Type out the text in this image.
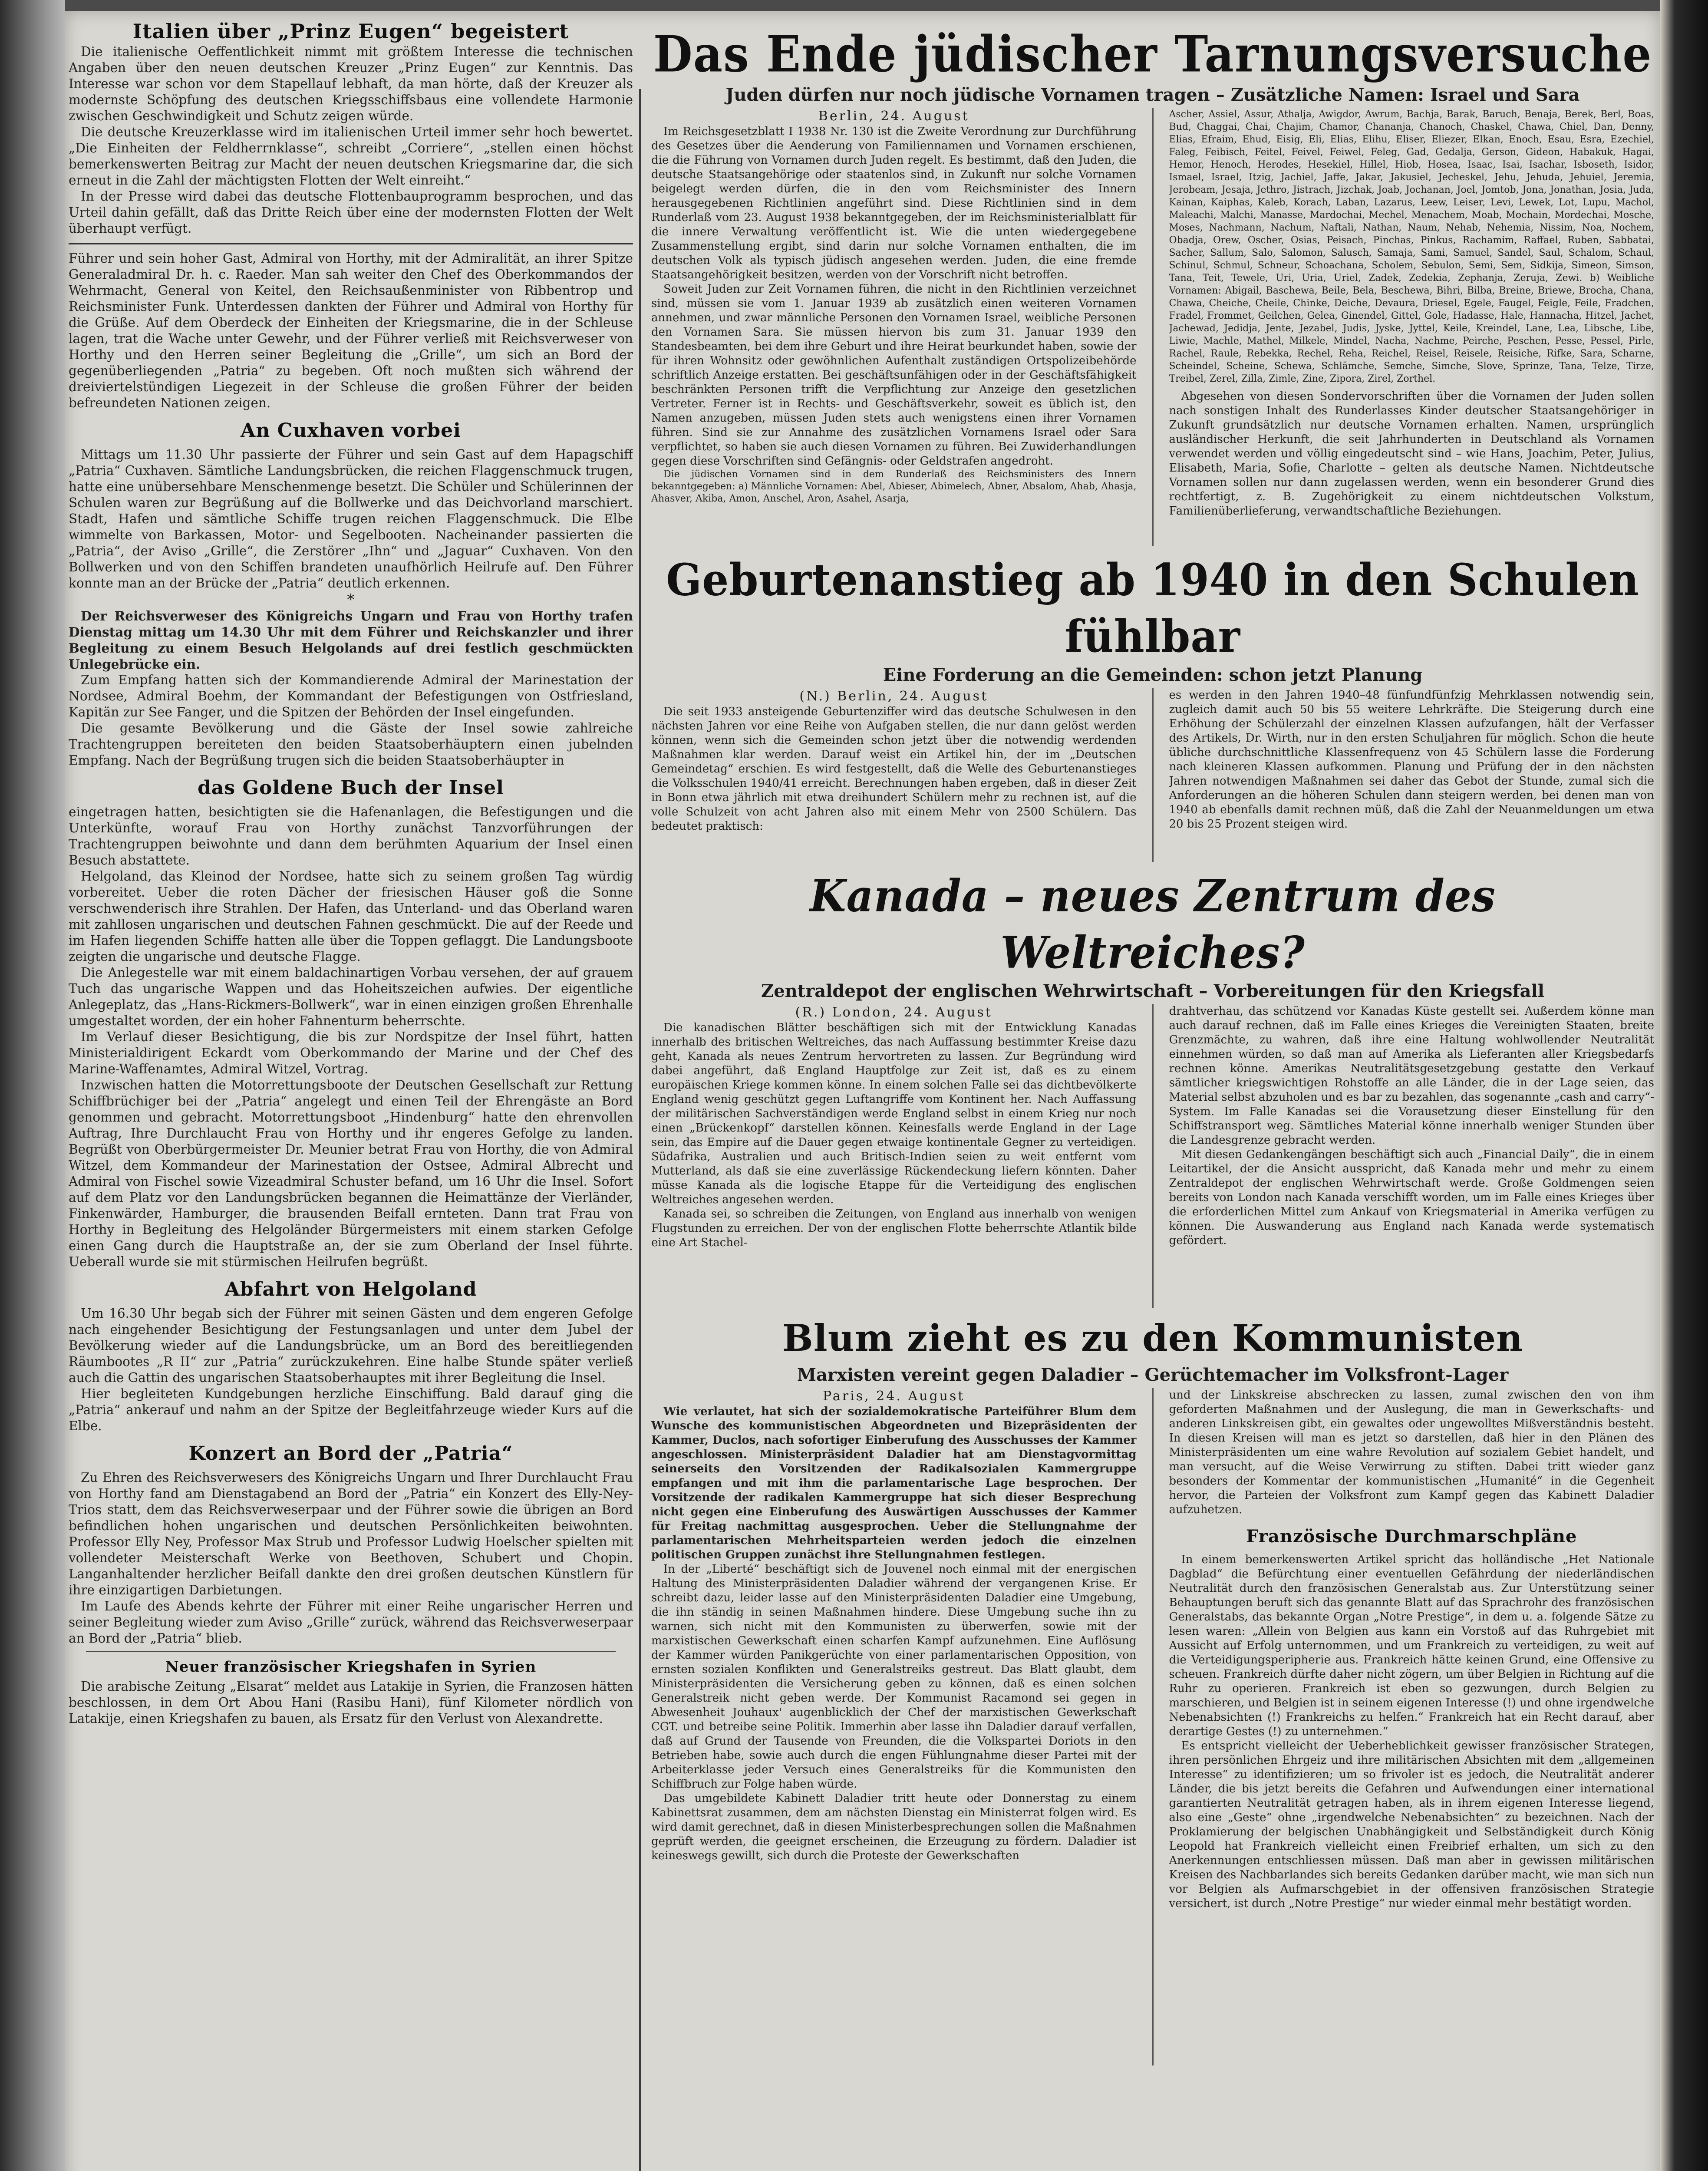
Italien über „Prinz Eugen“ begeistert

Die italienische Oeffentlichkeit nimmt mit größtem Interesse die technischen Angaben über den neuen deutschen Kreuzer „Prinz Eugen“ zur Kenntnis. Das Interesse war schon vor dem Stapellauf lebhaft, da man hörte, daß der Kreuzer als modernste Schöpfung des deutschen Kriegsschiffsbaus eine vollendete Harmonie zwischen Geschwindigkeit und Schutz zeigen würde.

Die deutsche Kreuzerklasse wird im italienischen Urteil immer sehr hoch bewertet. „Die Einheiten der Feldherrnklasse“, schreibt „Corriere“, „stellen einen höchst bemerkenswerten Beitrag zur Macht der neuen deutschen Kriegsmarine dar, die sich erneut in die Zahl der mächtigsten Flotten der Welt einreiht.“

In der Presse wird dabei das deutsche Flottenbauprogramm besprochen, und das Urteil dahin gefällt, daß das Dritte Reich über eine der modernsten Flotten der Welt überhaupt verfügt.

Führer und sein hoher Gast, Admiral von Horthy, mit der Admiralität, an ihrer Spitze Generaladmiral Dr. h. c. Raeder. Man sah weiter den Chef des Oberkommandos der Wehrmacht, General von Keitel, den Reichsaußenminister von Ribbentrop und Reichsminister Funk. Unterdessen dankten der Führer und Admiral von Horthy für die Grüße. Auf dem Oberdeck der Einheiten der Kriegsmarine, die in der Schleuse lagen, trat die Wache unter Gewehr, und der Führer verließ mit Reichsverweser von Horthy und den Herren seiner Begleitung die „Grille“, um sich an Bord der gegenüberliegenden „Patria“ zu begeben. Oft noch mußten sich während der dreiviertelstündigen Liegezeit in der Schleuse die großen Führer der beiden befreundeten Nationen zeigen.

An Cuxhaven vorbei

Mittags um 11.30 Uhr passierte der Führer und sein Gast auf dem Hapagschiff „Patria“ Cuxhaven. Sämtliche Landungsbrücken, die reichen Flaggenschmuck trugen, hatte eine unübersehbare Menschenmenge besetzt. Die Schüler und Schülerinnen der Schulen waren zur Begrüßung auf die Bollwerke und das Deichvorland marschiert. Stadt, Hafen und sämtliche Schiffe trugen reichen Flaggenschmuck. Die Elbe wimmelte von Barkassen, Motor- und Segelbooten. Nacheinander passierten die „Patria“, der Aviso „Grille“, die Zerstörer „Ihn“ und „Jaguar“ Cuxhaven. Von den Bollwerken und von den Schiffen brandeten unaufhörlich Heilrufe auf. Den Führer konnte man an der Brücke der „Patria“ deutlich erkennen.

*

Der Reichsverweser des Königreichs Ungarn und Frau von Horthy trafen Dienstag mittag um 14.30 Uhr mit dem Führer und Reichskanzler und ihrer Begleitung zu einem Besuch Helgolands auf drei festlich geschmückten Unlegebrücke ein.

Zum Empfang hatten sich der Kommandierende Admiral der Marinestation der Nordsee, Admiral Boehm, der Kommandant der Befestigungen von Ostfriesland, Kapitän zur See Fanger, und die Spitzen der Behörden der Insel eingefunden.

Die gesamte Bevölkerung und die Gäste der Insel sowie zahlreiche Trachtengruppen bereiteten den beiden Staatsoberhäuptern einen jubelnden Empfang. Nach der Begrüßung trugen sich die beiden Staatsoberhäupter in

das Goldene Buch der Insel

eingetragen hatten, besichtigten sie die Hafenanlagen, die Befestigungen und die Unterkünfte, worauf Frau von Horthy zunächst Tanzvorführungen der Trachtengruppen beiwohnte und dann dem berühmten Aquarium der Insel einen Besuch abstattete.

Helgoland, das Kleinod der Nordsee, hatte sich zu seinem großen Tag würdig vorbereitet. Ueber die roten Dächer der friesischen Häuser goß die Sonne verschwenderisch ihre Strahlen. Der Hafen, das Unterland- und das Oberland waren mit zahllosen ungarischen und deutschen Fahnen geschmückt. Die auf der Reede und im Hafen liegenden Schiffe hatten alle über die Toppen geflaggt. Die Landungsboote zeigten die ungarische und deutsche Flagge.

Die Anlegestelle war mit einem baldachinartigen Vorbau versehen, der auf grauem Tuch das ungarische Wappen und das Hoheitszeichen aufwies. Der eigentliche Anlegeplatz, das „Hans-Rickmers-Bollwerk“, war in einen einzigen großen Ehrenhalle umgestaltet worden, der ein hoher Fahnenturm beherrschte.

Im Verlauf dieser Besichtigung, die bis zur Nordspitze der Insel führt, hatten Ministerialdirigent Eckardt vom Oberkommando der Marine und der Chef des Marine-Waffenamtes, Admiral Witzel, Vortrag.

Inzwischen hatten die Motorrettungsboote der Deutschen Gesellschaft zur Rettung Schiffbrüchiger bei der „Patria“ angelegt und einen Teil der Ehrengäste an Bord genommen und gebracht. Motorrettungsboot „Hindenburg“ hatte den ehrenvollen Auftrag, Ihre Durchlaucht Frau von Horthy und ihr engeres Gefolge zu landen. Begrüßt von Oberbürgermeister Dr. Meunier betrat Frau von Horthy, die von Admiral Witzel, dem Kommandeur der Marinestation der Ostsee, Admiral Albrecht und Admiral von Fischel sowie Vizeadmiral Schuster befand, um 16 Uhr die Insel. Sofort auf dem Platz vor den Landungsbrücken begannen die Heimattänze der Vierländer, Finkenwärder, Hamburger, die brausenden Beifall ernteten. Dann trat Frau von Horthy in Begleitung des Helgoländer Bürgermeisters mit einem starken Gefolge einen Gang durch die Hauptstraße an, der sie zum Oberland der Insel führte. Ueberall wurde sie mit stürmischen Heilrufen begrüßt.

Abfahrt von Helgoland

Um 16.30 Uhr begab sich der Führer mit seinen Gästen und dem engeren Gefolge nach eingehender Besichtigung der Festungsanlagen und unter dem Jubel der Bevölkerung wieder auf die Landungsbrücke, um an Bord des bereitliegenden Räumbootes „R II“ zur „Patria“ zurückzukehren. Eine halbe Stunde später verließ auch die Gattin des ungarischen Staatsoberhauptes mit ihrer Begleitung die Insel.

Hier begleiteten Kundgebungen herzliche Einschiffung. Bald darauf ging die „Patria“ ankerauf und nahm an der Spitze der Begleitfahrzeuge wieder Kurs auf die Elbe.

Konzert an Bord der „Patria“

Zu Ehren des Reichsverwesers des Königreichs Ungarn und Ihrer Durchlaucht Frau von Horthy fand am Dienstagabend an Bord der „Patria“ ein Konzert des Elly-Ney-Trios statt, dem das Reichsverweserpaar und der Führer sowie die übrigen an Bord befindlichen hohen ungarischen und deutschen Persönlichkeiten beiwohnten. Professor Elly Ney, Professor Max Strub und Professor Ludwig Hoelscher spielten mit vollendeter Meisterschaft Werke von Beethoven, Schubert und Chopin. Langanhaltender herzlicher Beifall dankte den drei großen deutschen Künstlern für ihre einzigartigen Darbietungen.

Im Laufe des Abends kehrte der Führer mit einer Reihe ungarischer Herren und seiner Begleitung wieder zum Aviso „Grille“ zurück, während das Reichsverweserpaar an Bord der „Patria“ blieb.

Neuer französischer Kriegshafen in Syrien

Die arabische Zeitung „Elsarat“ meldet aus Latakije in Syrien, die Franzosen hätten beschlossen, in dem Ort Abou Hani (Rasibu Hani), fünf Kilometer nördlich von Latakije, einen Kriegshafen zu bauen, als Ersatz für den Verlust von Alexandrette.

Das Ende jüdischer Tarnungsversuche
Juden dürfen nur noch jüdische Vornamen tragen – Zusätzliche Namen: Israel und Sara

Berlin, 24. August

Im Reichsgesetzblatt I 1938 Nr. 130 ist die Zweite Verordnung zur Durchführung des Gesetzes über die Aenderung von Familiennamen und Vornamen erschienen, die die Führung von Vornamen durch Juden regelt. Es bestimmt, daß den Juden, die deutsche Staatsangehörige oder staatenlos sind, in Zukunft nur solche Vornamen beigelegt werden dürfen, die in den vom Reichsminister des Innern herausgegebenen Richtlinien angeführt sind. Diese Richtlinien sind in dem Runderlaß vom 23. August 1938 bekanntgegeben, der im Reichsministerialblatt für die innere Verwaltung veröffentlicht ist. Wie die unten wiedergegebene Zusammenstellung ergibt, sind darin nur solche Vornamen enthalten, die im deutschen Volk als typisch jüdisch angesehen werden. Juden, die eine fremde Staatsangehörigkeit besitzen, werden von der Vorschrift nicht betroffen.

Soweit Juden zur Zeit Vornamen führen, die nicht in den Richtlinien verzeichnet sind, müssen sie vom 1. Januar 1939 ab zusätzlich einen weiteren Vornamen annehmen, und zwar männliche Personen den Vornamen Israel, weibliche Personen den Vornamen Sara. Sie müssen hiervon bis zum 31. Januar 1939 den Standesbeamten, bei dem ihre Geburt und ihre Heirat beurkundet haben, sowie der für ihren Wohnsitz oder gewöhnlichen Aufenthalt zuständigen Ortspolizeibehörde schriftlich Anzeige erstatten. Bei geschäftsunfähigen oder in der Geschäftsfähigkeit beschränkten Personen trifft die Verpflichtung zur Anzeige den gesetzlichen Vertreter. Ferner ist in Rechts- und Geschäftsverkehr, soweit es üblich ist, den Namen anzugeben, müssen Juden stets auch wenigstens einen ihrer Vornamen führen. Sind sie zur Annahme des zusätzlichen Vornamens Israel oder Sara verpflichtet, so haben sie auch diesen Vornamen zu führen. Bei Zuwiderhandlungen gegen diese Vorschriften sind Gefängnis- oder Geldstrafen angedroht.

Die jüdischen Vornamen sind in dem Runderlaß des Reichsministers des Innern bekanntgegeben: a) Männliche Vornamen: Abel, Abieser, Abimelech, Abner, Absalom, Ahab, Ahasja, Ahasver, Akiba, Amon, Anschel, Aron, Asahel, Asarja,

Ascher, Assiel, Assur, Athalja, Awigdor, Awrum, Bachja, Barak, Baruch, Benaja, Berek, Berl, Boas, Bud, Chaggai, Chai, Chajim, Chamor, Chananja, Chanoch, Chaskel, Chawa, Chiel, Dan, Denny, Elias, Efraim, Ehud, Eisig, Eli, Elias, Elihu, Eliser, Eliezer, Elkan, Enoch, Esau, Esra, Ezechiel, Faleg, Feibisch, Feitel, Feivel, Feiwel, Feleg, Gad, Gedalja, Gerson, Gideon, Habakuk, Hagai, Hemor, Henoch, Herodes, Hesekiel, Hillel, Hiob, Hosea, Isaac, Isai, Isachar, Isboseth, Isidor, Ismael, Israel, Itzig, Jachiel, Jaffe, Jakar, Jakusiel, Jecheskel, Jehu, Jehuda, Jehuiel, Jeremia, Jerobeam, Jesaja, Jethro, Jistrach, Jizchak, Joab, Jochanan, Joel, Jomtob, Jona, Jonathan, Josia, Juda, Kainan, Kaiphas, Kaleb, Korach, Laban, Lazarus, Leew, Leiser, Levi, Lewek, Lot, Lupu, Machol, Maleachi, Malchi, Manasse, Mardochai, Mechel, Menachem, Moab, Mochain, Mordechai, Mosche, Moses, Nachmann, Nachum, Naftali, Nathan, Naum, Nehab, Nehemia, Nissim, Noa, Nochem, Obadja, Orew, Oscher, Osias, Peisach, Pinchas, Pinkus, Rachamim, Raffael, Ruben, Sabbatai, Sacher, Sallum, Salo, Salomon, Salusch, Samaja, Sami, Samuel, Sandel, Saul, Schalom, Schaul, Schinul, Schmul, Schneur, Schoachana, Scholem, Sebulon, Semi, Sem, Sidkija, Simeon, Simson, Tana, Teit, Tewele, Uri, Uria, Uriel, Zadek, Zedekia, Zephanja, Zeruja, Zewi. b) Weibliche Vornamen: Abigail, Baschewa, Beile, Bela, Beschewa, Bihri, Bilba, Breine, Briewe, Brocha, Chana, Chawa, Cheiche, Cheile, Chinke, Deiche, Devaura, Driesel, Egele, Faugel, Feigle, Feile, Fradchen, Fradel, Frommet, Geilchen, Gelea, Ginendel, Gittel, Gole, Hadasse, Hale, Hannacha, Hitzel, Jachet, Jachewad, Jedidja, Jente, Jezabel, Judis, Jyske, Jyttel, Keile, Kreindel, Lane, Lea, Libsche, Libe, Liwie, Machle, Mathel, Milkele, Mindel, Nacha, Nachme, Peirche, Peschen, Pesse, Pessel, Pirle, Rachel, Raule, Rebekka, Rechel, Reha, Reichel, Reisel, Reisele, Reisiche, Rifke, Sara, Scharne, Scheindel, Scheine, Schewa, Schlämche, Semche, Simche, Slove, Sprinze, Tana, Telze, Tirze, Treibel, Zerel, Zilla, Zimle, Zine, Zipora, Zirel, Zorthel.

Abgesehen von diesen Sondervorschriften über die Vornamen der Juden sollen nach sonstigen Inhalt des Runderlasses Kinder deutscher Staatsangehöriger in Zukunft grundsätzlich nur deutsche Vornamen erhalten. Namen, ursprünglich ausländischer Herkunft, die seit Jahrhunderten in Deutschland als Vornamen verwendet werden und völlig eingedeutscht sind – wie Hans, Joachim, Peter, Julius, Elisabeth, Maria, Sofie, Charlotte – gelten als deutsche Namen. Nichtdeutsche Vornamen sollen nur dann zugelassen werden, wenn ein besonderer Grund dies rechtfertigt, z. B. Zugehörigkeit zu einem nichtdeutschen Volkstum, Familienüberlieferung, verwandtschaftliche Beziehungen.

Geburtenanstieg ab 1940 in den Schulen fühlbar
Eine Forderung an die Gemeinden: schon jetzt Planung

(N.) Berlin, 24. August

Die seit 1933 ansteigende Geburtenziffer wird das deutsche Schulwesen in den nächsten Jahren vor eine Reihe von Aufgaben stellen, die nur dann gelöst werden können, wenn sich die Gemeinden schon jetzt über die notwendig werdenden Maßnahmen klar werden. Darauf weist ein Artikel hin, der im „Deutschen Gemeindetag“ erschien. Es wird festgestellt, daß die Welle des Geburtenanstieges die Volksschulen 1940/41 erreicht. Berechnungen haben ergeben, daß in dieser Zeit in Bonn etwa jährlich mit etwa dreihundert Schülern mehr zu rechnen ist, auf die volle Schulzeit von acht Jahren also mit einem Mehr von 2500 Schülern. Das bedeutet praktisch:

es werden in den Jahren 1940–48 fünfundfünfzig Mehrklassen notwendig sein, zugleich damit auch 50 bis 55 weitere Lehrkräfte. Die Steigerung durch eine Erhöhung der Schülerzahl der einzelnen Klassen aufzufangen, hält der Verfasser des Artikels, Dr. Wirth, nur in den ersten Schuljahren für möglich. Schon die heute übliche durchschnittliche Klassenfrequenz von 45 Schülern lasse die Forderung nach kleineren Klassen aufkommen. Planung und Prüfung der in den nächsten Jahren notwendigen Maßnahmen sei daher das Gebot der Stunde, zumal sich die Anforderungen an die höheren Schulen dann steigern werden, bei denen man von 1940 ab ebenfalls damit rechnen müß, daß die Zahl der Neuanmeldungen um etwa 20 bis 25 Prozent steigen wird.

Kanada – neues Zentrum des Weltreiches?
Zentraldepot der englischen Wehrwirtschaft – Vorbereitungen für den Kriegsfall

(R.) London, 24. August

Die kanadischen Blätter beschäftigen sich mit der Entwicklung Kanadas innerhalb des britischen Weltreiches, das nach Auffassung bestimmter Kreise dazu geht, Kanada als neues Zentrum hervortreten zu lassen. Zur Begründung wird dabei angeführt, daß England Hauptfolge zur Zeit ist, daß es zu einem europäischen Kriege kommen könne. In einem solchen Falle sei das dichtbevölkerte England wenig geschützt gegen Luftangriffe vom Kontinent her. Nach Auffassung der militärischen Sachverständigen werde England selbst in einem Krieg nur noch einen „Brückenkopf“ darstellen können. Keinesfalls werde England in der Lage sein, das Empire auf die Dauer gegen etwaige kontinentale Gegner zu verteidigen. Südafrika, Australien und auch Britisch-Indien seien zu weit entfernt vom Mutterland, als daß sie eine zuverlässige Rückendeckung liefern könnten. Daher müsse Kanada als die logische Etappe für die Verteidigung des englischen Weltreiches angesehen werden.

Kanada sei, so schreiben die Zeitungen, von England aus innerhalb von wenigen Flugstunden zu erreichen. Der von der englischen Flotte beherrschte Atlantik bilde eine Art Stachel-

drahtverhau, das schützend vor Kanadas Küste gestellt sei. Außerdem könne man auch darauf rechnen, daß im Falle eines Krieges die Vereinigten Staaten, breite Grenzmächte, zu wahren, daß ihre eine Haltung wohlwollender Neutralität einnehmen würden, so daß man auf Amerika als Lieferanten aller Kriegsbedarfs rechnen könne. Amerikas Neutralitätsgesetzgebung gestatte den Verkauf sämtlicher kriegswichtigen Rohstoffe an alle Länder, die in der Lage seien, das Material selbst abzuholen und es bar zu bezahlen, das sogenannte „cash and carry“-System. Im Falle Kanadas sei die Vorausetzung dieser Einstellung für den Schiffstransport weg. Sämtliches Material könne innerhalb weniger Stunden über die Landesgrenze gebracht werden.

Mit diesen Gedankengängen beschäftigt sich auch „Financial Daily“, die in einem Leitartikel, der die Ansicht ausspricht, daß Kanada mehr und mehr zu einem Zentraldepot der englischen Wehrwirtschaft werde. Große Goldmengen seien bereits von London nach Kanada verschifft worden, um im Falle eines Krieges über die erforderlichen Mittel zum Ankauf von Kriegsmaterial in Amerika verfügen zu können. Die Auswanderung aus England nach Kanada werde systematisch gefördert.

Blum zieht es zu den Kommunisten
Marxisten vereint gegen Daladier – Gerüchtemacher im Volksfront-Lager

Paris, 24. August

Wie verlautet, hat sich der sozialdemokratische Parteiführer Blum dem Wunsche des kommunistischen Abgeordneten und Bizepräsidenten der Kammer, Duclos, nach sofortiger Einberufung des Ausschusses der Kammer angeschlossen. Ministerpräsident Daladier hat am Dienstagvormittag seinerseits den Vorsitzenden der Radikalsozialen Kammergruppe empfangen und mit ihm die parlamentarische Lage besprochen. Der Vorsitzende der radikalen Kammergruppe hat sich dieser Besprechung nicht gegen eine Einberufung des Auswärtigen Ausschusses der Kammer für Freitag nachmittag ausgesprochen. Ueber die Stellungnahme der parlamentarischen Mehrheitsparteien werden jedoch die einzelnen politischen Gruppen zunächst ihre Stellungnahmen festlegen.

In der „Liberté“ beschäftigt sich de Jouvenel noch einmal mit der energischen Haltung des Ministerpräsidenten Daladier während der vergangenen Krise. Er schreibt dazu, leider lasse auf den Ministerpräsidenten Daladier eine Umgebung, die ihn ständig in seinen Maßnahmen hindere. Diese Umgebung suche ihn zu warnen, sich nicht mit den Kommunisten zu überwerfen, sowie mit der marxistischen Gewerkschaft einen scharfen Kampf aufzunehmen. Eine Auflösung der Kammer würden Panikgerüchte von einer parlamentarischen Opposition, von ernsten sozialen Konflikten und Generalstreiks gestreut. Das Blatt glaubt, dem Ministerpräsidenten die Versicherung geben zu können, daß es einen solchen Generalstreik nicht geben werde. Der Kommunist Racamond sei gegen in Abwesenheit Jouhaux' augenblicklich der Chef der marxistischen Gewerkschaft CGT. und betreibe seine Politik. Immerhin aber lasse ihn Daladier darauf verfallen, daß auf Grund der Tausende von Freunden, die die Volkspartei Doriots in den Betrieben habe, sowie auch durch die engen Fühlungnahme dieser Partei mit der Arbeiterklasse jeder Versuch eines Generalstreiks für die Kommunisten den Schiffbruch zur Folge haben würde.

Das umgebildete Kabinett Daladier tritt heute oder Donnerstag zu einem Kabinettsrat zusammen, dem am nächsten Dienstag ein Ministerrat folgen wird. Es wird damit gerechnet, daß in diesen Ministerbesprechungen sollen die Maßnahmen geprüft werden, die geeignet erscheinen, die Erzeugung zu fördern. Daladier ist keineswegs gewillt, sich durch die Proteste der Gewerkschaften

und der Linkskreise abschrecken zu lassen, zumal zwischen den von ihm geforderten Maßnahmen und der Auslegung, die man in Gewerkschafts- und anderen Linkskreisen gibt, ein gewaltes oder ungewolltes Mißverständnis besteht. In diesen Kreisen will man es jetzt so darstellen, daß hier in den Plänen des Ministerpräsidenten um eine wahre Revolution auf sozialem Gebiet handelt, und man versucht, auf die Weise Verwirrung zu stiften. Dabei tritt wieder ganz besonders der Kommentar der kommunistischen „Humanité“ in die Gegenheit hervor, die Parteien der Volksfront zum Kampf gegen das Kabinett Daladier aufzuhetzen.

Französische Durchmarschpläne

In einem bemerkenswerten Artikel spricht das holländische „Het Nationale Dagblad“ die Befürchtung einer eventuellen Gefährdung der niederländischen Neutralität durch den französischen Generalstab aus. Zur Unterstützung seiner Behauptungen beruft sich das genannte Blatt auf das Sprachrohr des französischen Generalstabs, das bekannte Organ „Notre Prestige“, in dem u. a. folgende Sätze zu lesen waren: „Allein von Belgien aus kann ein Vorstoß auf das Ruhrgebiet mit Aussicht auf Erfolg unternommen, und um Frankreich zu verteidigen, zu weit auf die Verteidigungsperipherie aus. Frankreich hätte keinen Grund, eine Offensive zu scheuen. Frankreich dürfte daher nicht zögern, um über Belgien in Richtung auf die Ruhr zu operieren. Frankreich ist eben so gezwungen, durch Belgien zu marschieren, und Belgien ist in seinem eigenen Interesse (!) und ohne irgendwelche Nebenabsichten (!) Frankreichs zu helfen.“ Frankreich hat ein Recht darauf, aber derartige Gestes (!) zu unternehmen.“

Es entspricht vielleicht der Ueberheblichkeit gewisser französischer Strategen, ihren persönlichen Ehrgeiz und ihre militärischen Absichten mit dem „allgemeinen Interesse“ zu identifizieren; um so frivoler ist es jedoch, die Neutralität anderer Länder, die bis jetzt bereits die Gefahren und Aufwendungen einer international garantierten Neutralität getragen haben, als in ihrem eigenen Interesse liegend, also eine „Geste“ ohne „irgendwelche Nebenabsichten“ zu bezeichnen. Nach der Proklamierung der belgischen Unabhängigkeit und Selbständigkeit durch König Leopold hat Frankreich vielleicht einen Freibrief erhalten, um sich zu den Anerkennungen entschliessen müssen. Daß man aber in gewissen militärischen Kreisen des Nachbarlandes sich bereits Gedanken darüber macht, wie man sich nun vor Belgien als Aufmarschgebiet in der offensiven französischen Strategie versichert, ist durch „Notre Prestige“ nur wieder einmal mehr bestätigt worden.
